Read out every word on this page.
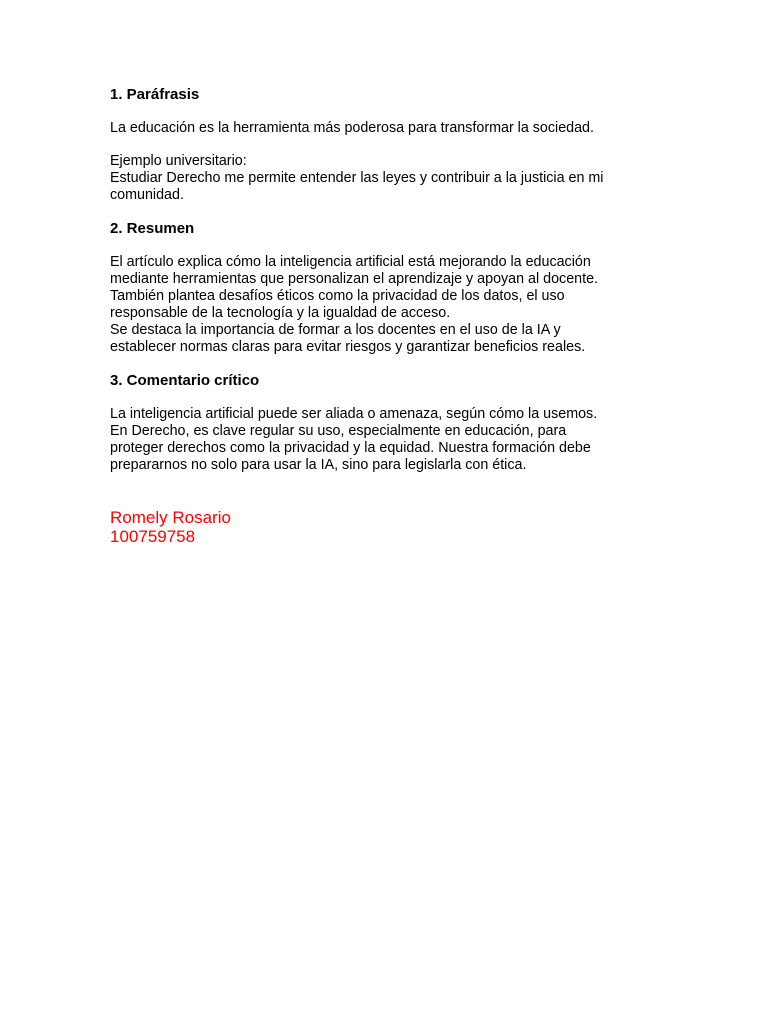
1. Paráfrasis

La educación es la herramienta más poderosa para transformar la sociedad.

Ejemplo universitario:
Estudiar Derecho me permite entender las leyes y contribuir a la justicia en mi
comunidad.

2. Resumen

El artículo explica cómo la inteligencia artificial está mejorando la educación
mediante herramientas que personalizan el aprendizaje y apoyan al docente.
También plantea desafíos éticos como la privacidad de los datos, el uso
responsable de la tecnología y la igualdad de acceso.
Se destaca la importancia de formar a los docentes en el uso de la IA y
establecer normas claras para evitar riesgos y garantizar beneficios reales.

3. Comentario crítico

La inteligencia artificial puede ser aliada o amenaza, según cómo la usemos.
En Derecho, es clave regular su uso, especialmente en educación, para
proteger derechos como la privacidad y la equidad. Nuestra formación debe
prepararnos no solo para usar la IA, sino para legislarla con ética.

Romely Rosario
100759758
